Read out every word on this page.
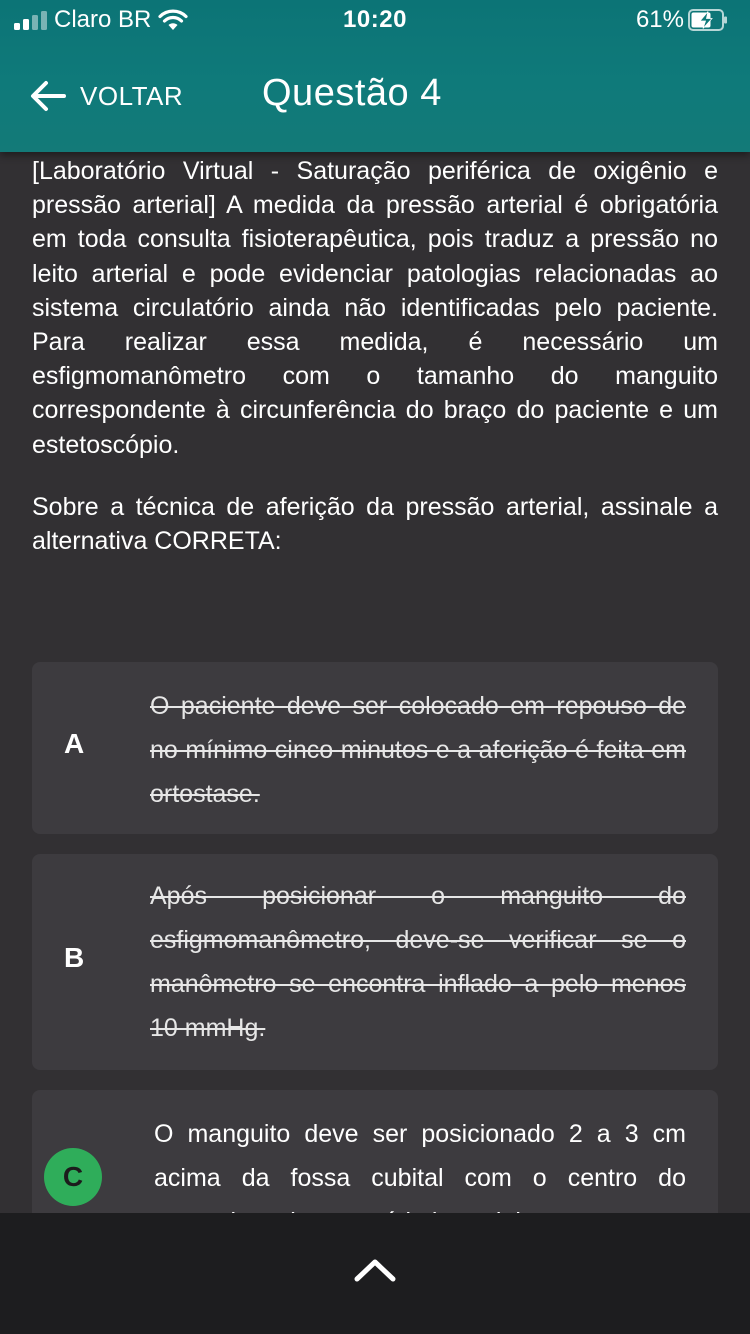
Claro BR	10:20	61%
VOLTAR Questão 4

[Laboratório Virtual - Saturação periférica de oxigênio e pressão arterial] A medida da pressão arterial é obrigatória em toda consulta fisioterapêutica, pois traduz a pressão no leito arterial e pode evidenciar patologias relacionadas ao sistema circulatório ainda não identificadas pelo paciente. Para realizar essa medida, é necessário um esfigmomanômetro com o tamanho do manguito correspondente à circunferência do braço do paciente e um estetoscópio.

Sobre a técnica de aferição da pressão arterial, assinale a alternativa CORRETA:

A
O paciente deve ser colocado em repouso de no mínimo cinco minutos e a aferição é feita em ortostase.
B
Após posicionar o manguito do esfigmomanômetro, deve-se verificar se o manômetro se encontra inflado a pelo menos 10 mmHg.
C
O manguito deve ser posicionado 2 a 3 cm acima da fossa cubital com o centro do
